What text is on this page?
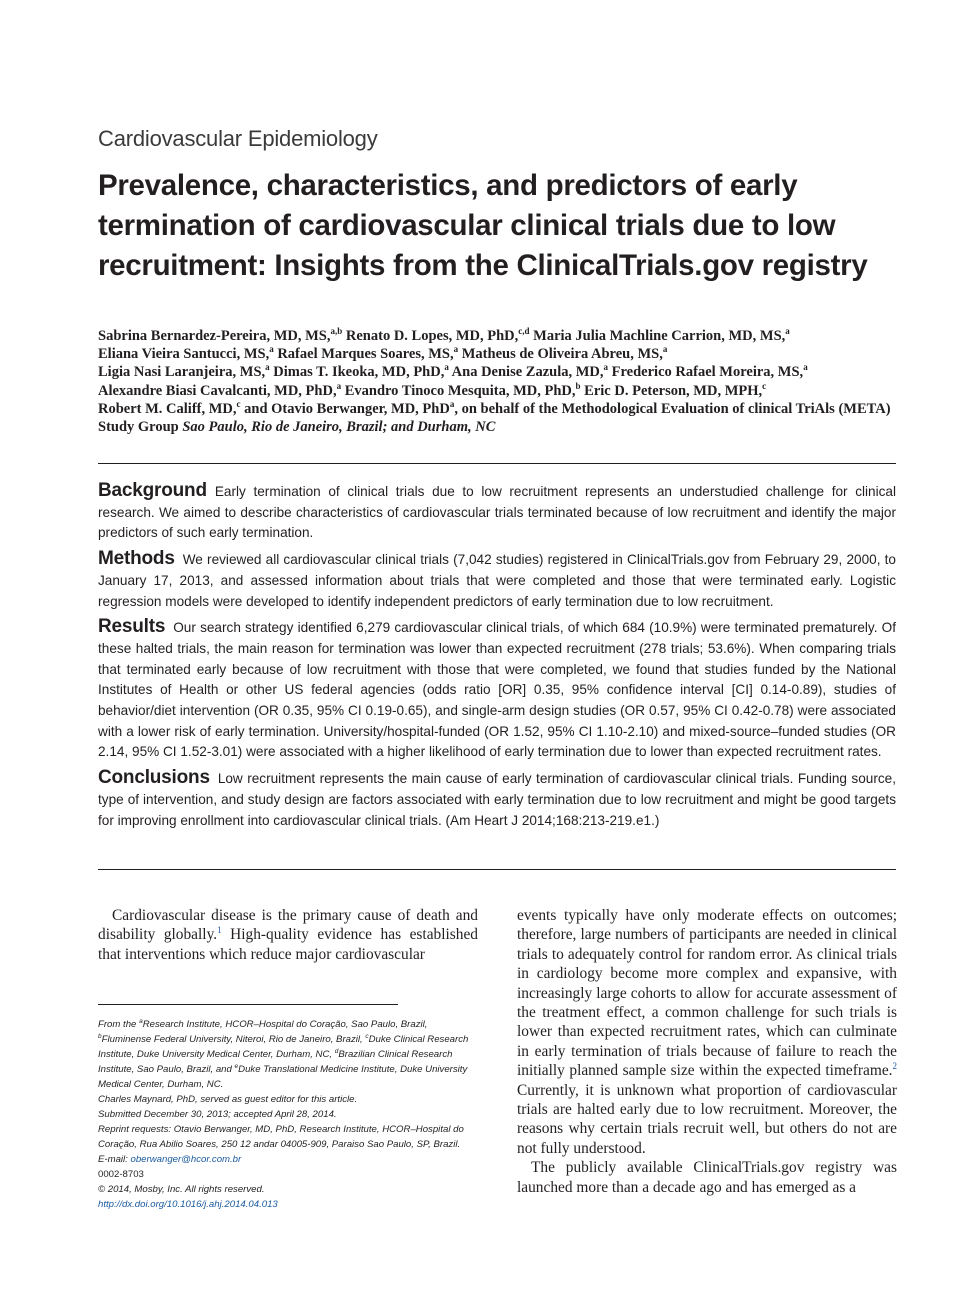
Cardiovascular Epidemiology
Prevalence, characteristics, and predictors of early termination of cardiovascular clinical trials due to low recruitment: Insights from the ClinicalTrials.gov registry

Sabrina Bernardez-Pereira, MD, MS,$^{a,b}$ Renato D. Lopes, MD, PhD,$^{c,d}$ Maria Julia Machline Carrion, MD, MS,$^a$
Eliana Vieira Santucci, MS,$^a$ Rafael Marques Soares, MS,$^a$ Matheus de Oliveira Abreu, MS,$^a$
Ligia Nasi Laranjeira, MS,$^a$ Dimas T. Ikeoka, MD, PhD,$^a$ Ana Denise Zazula, MD,$^a$ Frederico Rafael Moreira, MS,$^a$
Alexandre Biasi Cavalcanti, MD, PhD,$^a$ Evandro Tinoco Mesquita, MD, PhD,$^b$ Eric D. Peterson, MD, MPH,$^c$
Robert M. Califf, MD,$^c$ and Otavio Berwanger, MD, PhD$^a$, on behalf of the Methodological Evaluation of clinical TriAls (META) Study Group Sao Paulo, Rio de Janeiro, Brazil; and Durham, NC

Background Early termination of clinical trials due to low recruitment represents an understudied challenge for clinical research. We aimed to describe characteristics of cardiovascular trials terminated because of low recruitment and identify the major predictors of such early termination.

Methods We reviewed all cardiovascular clinical trials (7,042 studies) registered in ClinicalTrials.gov from February 29, 2000, to January 17, 2013, and assessed information about trials that were completed and those that were terminated early. Logistic regression models were developed to identify independent predictors of early termination due to low recruitment.

Results Our search strategy identified 6,279 cardiovascular clinical trials, of which 684 (10.9%) were terminated prematurely. Of these halted trials, the main reason for termination was lower than expected recruitment (278 trials; 53.6%). When comparing trials that terminated early because of low recruitment with those that were completed, we found that studies funded by the National Institutes of Health or other US federal agencies (odds ratio [OR] 0.35, 95% confidence interval [CI] 0.14-0.89), studies of behavior/diet intervention (OR 0.35, 95% CI 0.19-0.65), and single-arm design studies (OR 0.57, 95% CI 0.42-0.78) were associated with a lower risk of early termination. University/hospital-funded (OR 1.52, 95% CI 1.10-2.10) and mixed-source–funded studies (OR 2.14, 95% CI 1.52-3.01) were associated with a higher likelihood of early termination due to lower than expected recruitment rates.

Conclusions Low recruitment represents the main cause of early termination of cardiovascular clinical trials. Funding source, type of intervention, and study design are factors associated with early termination due to low recruitment and might be good targets for improving enrollment into cardiovascular clinical trials. (Am Heart J 2014;168:213-219.e1.)

Cardiovascular disease is the primary cause of death and disability globally.$^1$ High-quality evidence has established that interventions which reduce major cardiovascular

From the $^a$Research Institute, HCOR–Hospital do Coração, Sao Paulo, Brazil, $^b$Fluminense Federal University, Niteroi, Rio de Janeiro, Brazil, $^c$Duke Clinical Research Institute, Duke University Medical Center, Durham, NC, $^d$Brazilian Clinical Research Institute, Sao Paulo, Brazil, and $^e$Duke Translational Medicine Institute, Duke University Medical Center, Durham, NC.

Charles Maynard, PhD, served as guest editor for this article.

Submitted December 30, 2013; accepted April 28, 2014.

Reprint requests: Otavio Berwanger, MD, PhD, Research Institute, HCOR–Hospital do Coração, Rua Abilio Soares, 250 12 andar 04005-909, Paraiso Sao Paulo, SP, Brazil.

E-mail: oberwanger@hcor.com.br

0002-8703

© 2014, Mosby, Inc. All rights reserved.

http://dx.doi.org/10.1016/j.ahj.2014.04.013

events typically have only moderate effects on outcomes; therefore, large numbers of participants are needed in clinical trials to adequately control for random error. As clinical trials in cardiology become more complex and expansive, with increasingly large cohorts to allow for accurate assessment of the treatment effect, a common challenge for such trials is lower than expected recruitment rates, which can culminate in early termination of trials because of failure to reach the initially planned sample size within the expected timeframe.$^2$ Currently, it is unknown what proportion of cardiovascular trials are halted early due to low recruitment. Moreover, the reasons why certain trials recruit well, but others do not are not fully understood.

The publicly available ClinicalTrials.gov registry was launched more than a decade ago and has emerged as a
